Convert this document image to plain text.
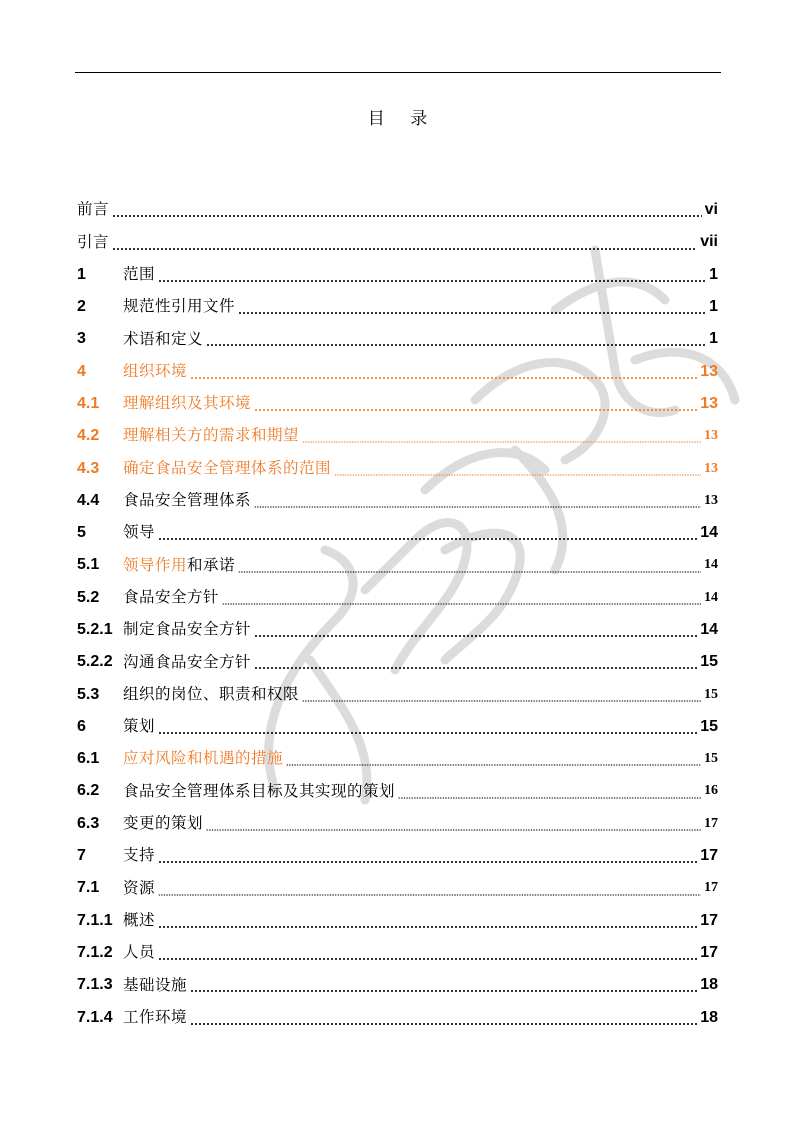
目 录
前言	vi
引言	vii
1	范围	1
2	规范性引用文件	1
3	术语和定义	1
4	组织环境	13
4.1	理解组织及其环境	13
4.2	理解相关方的需求和期望	13
4.3	确定食品安全管理体系的范围	13
4.4	食品安全管理体系	13
5	领导	14
5.1	领导作用和承诺	14
5.2	食品安全方针	14
5.2.1 制定食品安全方针	14
5.2.2 沟通食品安全方针	15
5.3	组织的岗位、职责和权限	15
6	策划	15
6.1	应对风险和机遇的措施	15
6.2	食品安全管理体系目标及其实现的策划	16
6.3	变更的策划	17
7	支持	17
7.1	资源	17
7.1.1 概述	17
7.1.2 人员	17
7.1.3 基础设施	18
7.1.4 工作环境	18
